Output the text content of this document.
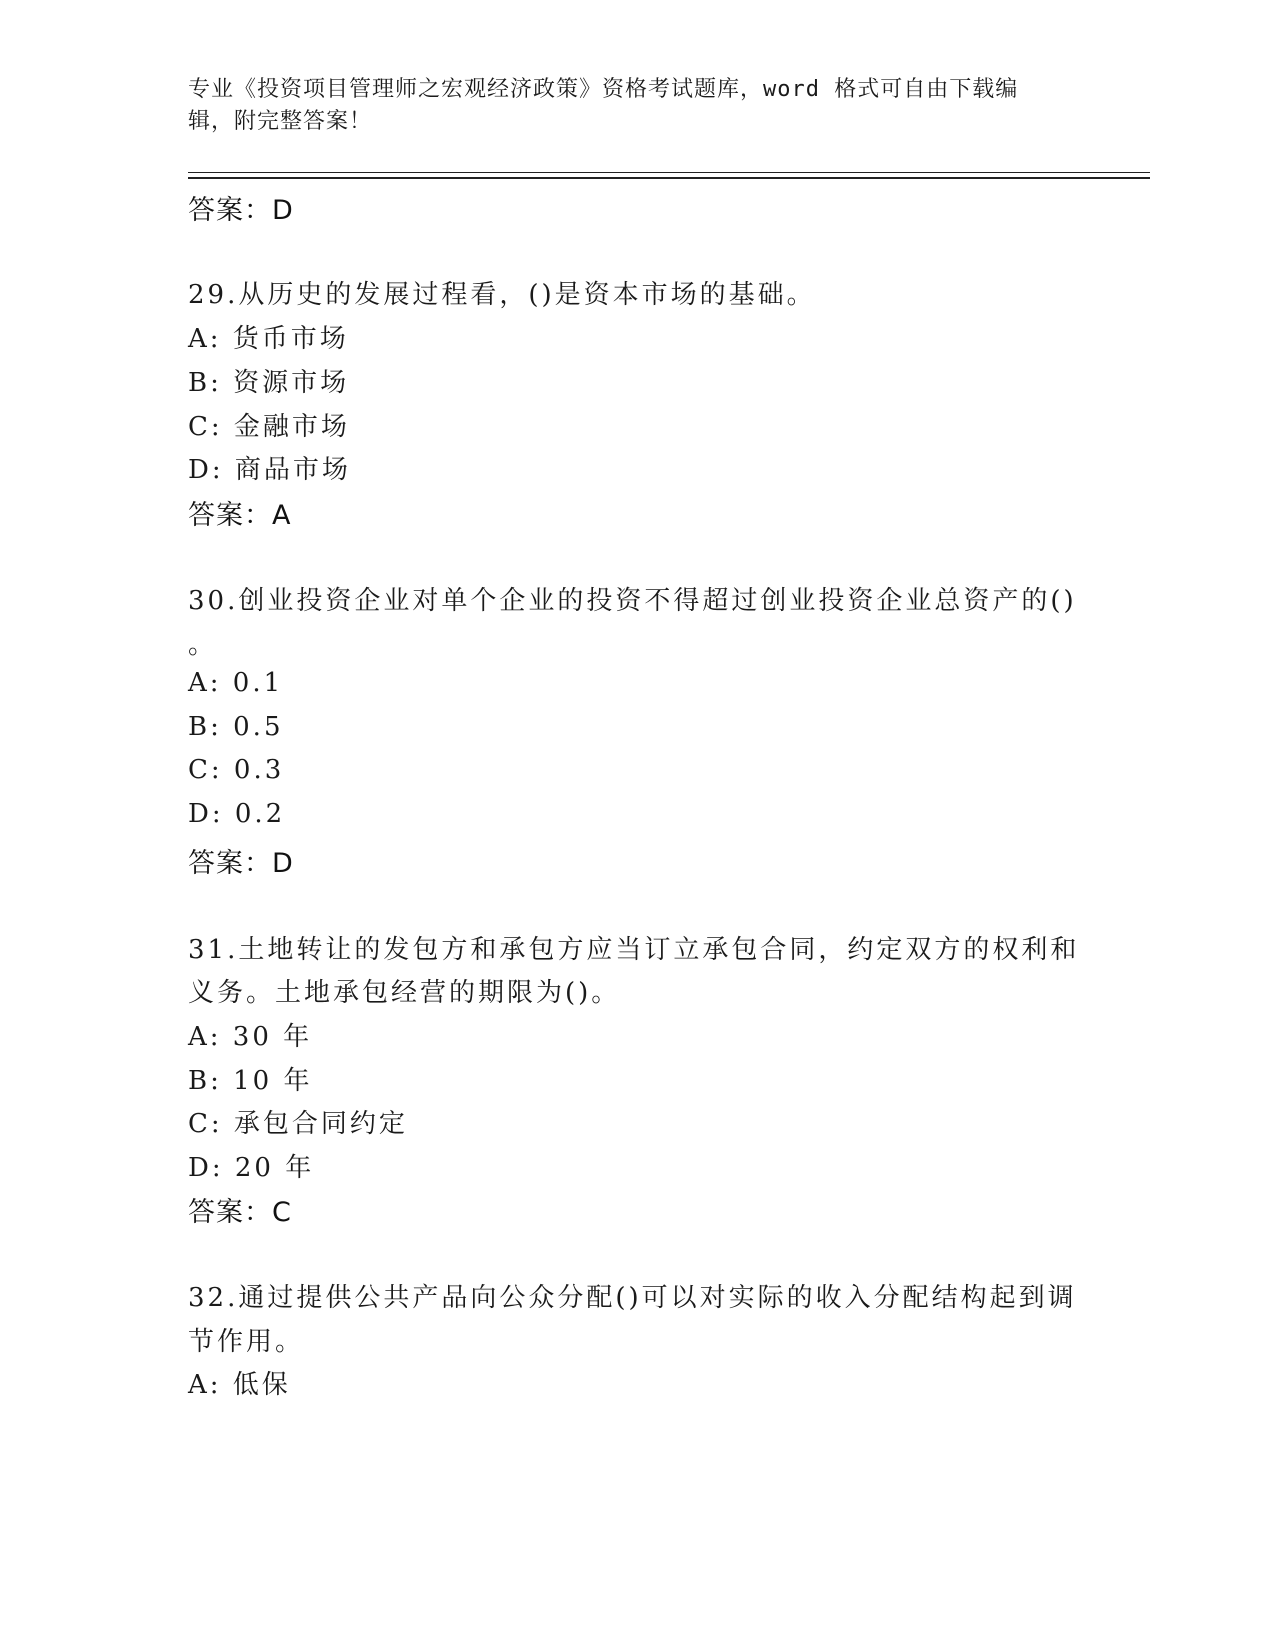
专业《投资项目管理师之宏观经济政策》资格考试题库，word 格式可自由下载编
辑，附完整答案！
答案：D
29.从历史的发展过程看，()是资本市场的基础。
A: 货币市场
B: 资源市场
C: 金融市场
D: 商品市场
答案：A
30.创业投资企业对单个企业的投资不得超过创业投资企业总资产的()
。
A: 0.1
B: 0.5
C: 0.3
D: 0.2
答案：D
31.土地转让的发包方和承包方应当订立承包合同，约定双方的权利和
义务。土地承包经营的期限为()。
A: 30 年
B: 10 年
C: 承包合同约定
D: 20 年
答案：C
32.通过提供公共产品向公众分配()可以对实际的收入分配结构起到调
节作用。
A: 低保
